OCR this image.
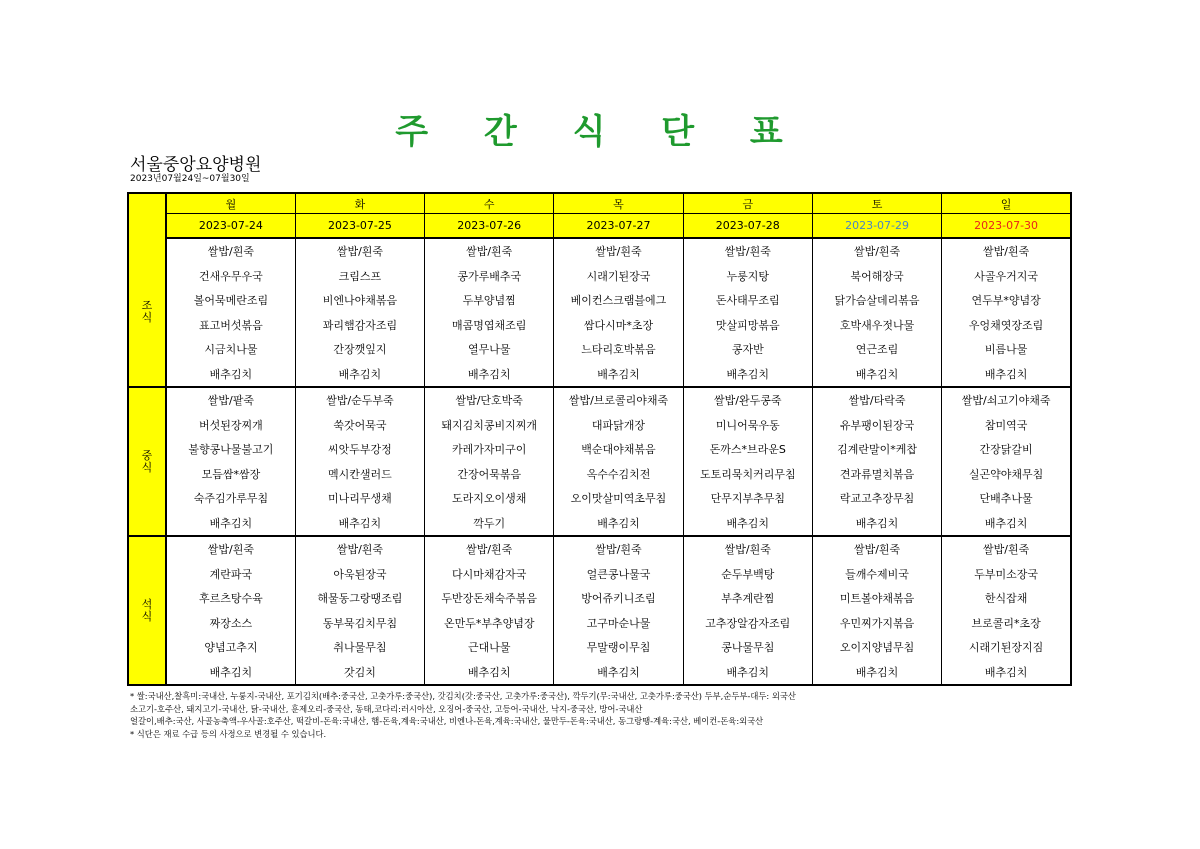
주 간 식 단 표
서울중앙요양병원
2023년07월24일~07월30일
	월	화	수	목	금	토	일
	2023-07-24	2023-07-25	2023-07-26	2023-07-27	2023-07-28	2023-07-29	2023-07-30

조
식	쌀밥/흰죽	쌀밥/흰죽	쌀밥/흰죽	쌀밥/흰죽	쌀밥/흰죽	쌀밥/흰죽	쌀밥/흰죽
	건새우무우국	크림스프	콩가루배추국	시래기된장국	누룽지탕	북어해장국	사골우거지국
	볼어묵메란조림	비엔나야채볶음	두부양념찜	베이컨스크램블에그	돈사태무조림	닭가슴살데리볶음	연두부*양념장
	표고버섯볶음	꽈리햄감자조림	매콤명엽채조림	쌈다시마*초장	맛살피망볶음	호박새우젓나물	우엉채엿장조림
	시금치나물	간장깻잎지	열무나물	느타리호박볶음	콩자반	연근조림	비름나물
	배추김치	배추김치	배추김치	배추김치	배추김치	배추김치	배추김치

중
식	쌀밥/팥죽	쌀밥/순두부죽	쌀밥/단호박죽	쌀밥/브로콜리야채죽	쌀밥/완두콩죽	쌀밥/타락죽	쌀밥/쇠고기야채죽
	버섯된장찌개	쑥갓어묵국	돼지김치콩비지찌개	대파닭개장	미니어묵우동	유부팽이된장국	참미역국
	불향콩나물불고기	씨앗두부강정	카레가자미구이	백순대야채볶음	돈까스*브라운S	김계란말이*케찹	간장닭갈비
	모듬쌈*쌈장	멕시칸샐러드	간장어묵볶음	옥수수김치전	도토리묵치커리무침	견과류멸치볶음	실곤약야채무침
	숙주김가루무침	미나리무생채	도라지오이생채	오이맛살미역초무침	단무지부추무침	락교고추장무침	단배추나물
	배추김치	배추김치	깍두기	배추김치	배추김치	배추김치	배추김치

석
식	쌀밥/흰죽	쌀밥/흰죽	쌀밥/흰죽	쌀밥/흰죽	쌀밥/흰죽	쌀밥/흰죽	쌀밥/흰죽
	계란파국	아욱된장국	다시마채감자국	얼큰콩나물국	순두부백탕	들깨수제비국	두부미소장국
	후르츠탕수육	해물동그랑땡조림	두반장돈채숙주볶음	방어쥬키니조림	부추계란찜	미트볼야채볶음	한식잡채
	짜장소스	동부묵김치무침	온만두*부추양념장	고구마순나물	고추장알감자조림	우민찌가지볶음	브로콜리*초장
	양념고추지	취나물무침	근대나물	무말랭이무침	콩나물무침	오이지양념무침	시래기된장지짐
	배추김치	갓김치	배추김치	배추김치	배추김치	배추김치	배추김치
* 쌀:국내산,찰흑미:국내산, 누룽지-국내산, 포기김치(배추:중국산, 고춧가루:중국산), 갓김치(갓:중국산, 고춧가루:중국산), 깍두기(무:국내산, 고춧가루:중국산) 두부,순두부-대두: 외국산
소고기-호주산, 돼지고기-국내산, 닭-국내산, 훈제오리-중국산, 동태,코다리:러시아산, 오징어-중국산, 고등어-국내산, 낙지-중국산, 방어-국내산
얼갈이,배추:국산, 사골농축액-우사골:호주산, 떡갈비-돈육:국내산, 햄-돈육,계육:국내산, 비엔나-돈육,계육:국내산, 물만두-돈육:국내산, 동그랑땡-계육:국산, 베이컨-돈육:외국산
* 식단은 재료 수급 등의 사정으로 변경될 수 있습니다.
